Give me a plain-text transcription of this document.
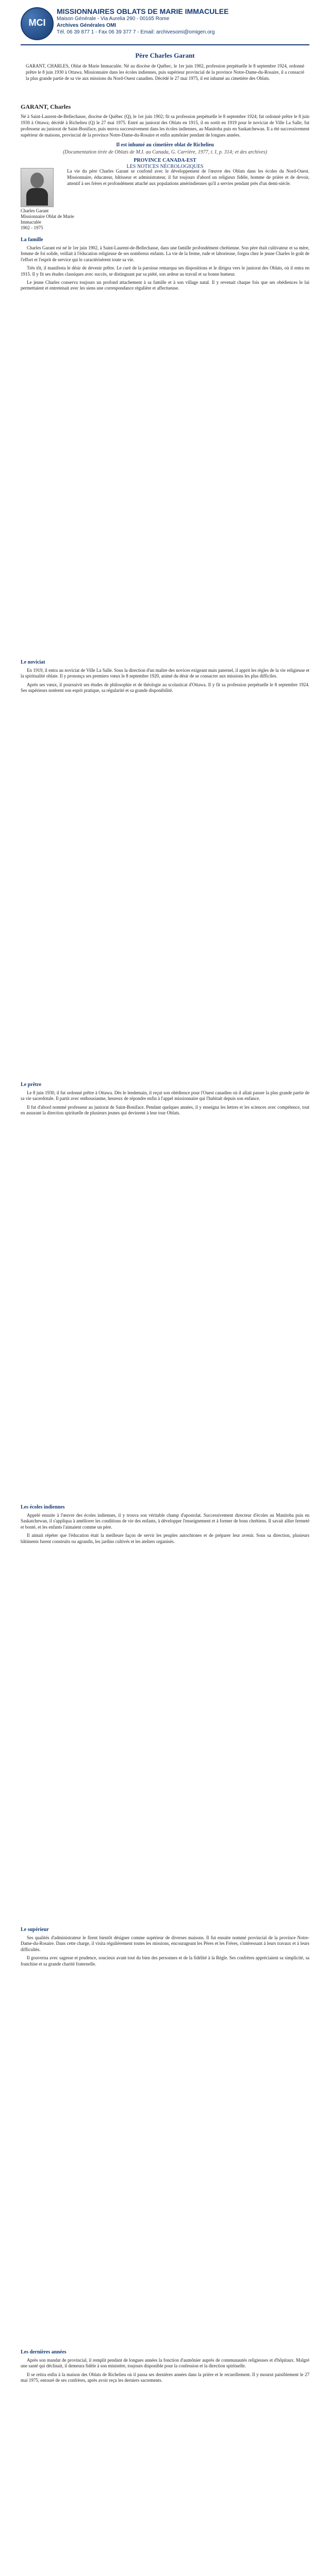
MCI
MISSIONNAIRES OBLATS DE MARIE IMMACULEE
Maison Générale - Via Aurelia 290 - 00165 Rome
Archives Générales OMI
Tél. 06 39 877 1 - Fax 06 39 377 7 - Email: archivesomi@omigen.org
Père Charles Garant
GARANT, CHARLES, Oblat de Marie Immaculée. Né au diocèse de Québec, le 1er juin 1902, profession perpétuelle le 8 septembre 1924, ordonné prêtre le 8 juin 1930 à Ottawa. Missionnaire dans les écoles indiennes, puis supérieur provincial de la province Notre-Dame-du-Rosaire, il a consacré la plus grande partie de sa vie aux missions du Nord-Ouest canadien. Décédé le 27 mai 1975, il est inhumé au cimetière des Oblats.
GARANT, Charles
Né à Saint-Laurent-de-Bellechasse, diocèse de Québec (Q), le 1er juin 1902; fit sa profession perpétuelle le 8 septembre 1924; fut ordonné prêtre le 8 juin 1930 à Ottawa; décédé à Richelieu (Q) le 27 mai 1975. Entré au juniorat des Oblats en 1915, il en sortit en 1919 pour le noviciat de Ville La Salle, fut professeur au juniorat de Saint-Boniface, puis œuvra successivement dans les écoles indiennes, au Manitoba puis en Saskatchewan. Il a été successivement supérieur de maisons, provincial de la province Notre-Dame-du-Rosaire et enfin aumônier pendant de longues années.
Il est inhumé au cimetière oblat de Richelieu
(Documentation tirée de Oblats de M.I. au Canada, G. Carrière, 1977, t. I, p. 314; et des archives)
PROVINCE CANADA-EST
LES NOTICES NÉCROLOGIQUES
Charles Garant
Missionnaire Oblat de Marie Immaculée
1902 - 1975
La vie du père Charles Garant se confond avec le développement de l'œuvre des Oblats dans les écoles du Nord-Ouest. Missionnaire, éducateur, bâtisseur et administrateur, il fut toujours d'abord un religieux fidèle, homme de prière et de devoir, attentif à ses frères et profondément attaché aux populations amérindiennes qu'il a servies pendant près d'un demi-siècle.
La famille

Charles Garant est né le 1er juin 1902, à Saint-Laurent-de-Bellechasse, dans une famille profondément chrétienne. Son père était cultivateur et sa mère, femme de foi solide, veillait à l'éducation religieuse de ses nombreux enfants. La vie de la ferme, rude et laborieuse, forgea chez le jeune Charles le goût de l'effort et l'esprit de service qui le caractérisèrent toute sa vie.

Très tôt, il manifesta le désir de devenir prêtre. Le curé de la paroisse remarqua ses dispositions et le dirigea vers le juniorat des Oblats, où il entra en 1915. Il y fit ses études classiques avec succès, se distinguant par sa piété, son ardeur au travail et sa bonne humeur.

Le jeune Charles conserva toujours un profond attachement à sa famille et à son village natal. Il y revenait chaque fois que ses obédiences le lui permettaient et entretenait avec les siens une correspondance régulière et affectueuse.

Le noviciat

En 1919, il entra au noviciat de Ville La Salle. Sous la direction d'un maître des novices exigeant mais paternel, il apprit les règles de la vie religieuse et la spiritualité oblate. Il y prononça ses premiers vœux le 8 septembre 1920, animé du désir de se consacrer aux missions les plus difficiles.

Après ses vœux, il poursuivit ses études de philosophie et de théologie au scolasticat d'Ottawa. Il y fit sa profession perpétuelle le 8 septembre 1924. Ses supérieurs notèrent son esprit pratique, sa régularité et sa grande disponibilité.

Le prêtre

Le 8 juin 1930, il fut ordonné prêtre à Ottawa. Dès le lendemain, il reçut son obédience pour l'Ouest canadien où il allait passer la plus grande partie de sa vie sacerdotale. Il partit avec enthousiasme, heureux de répondre enfin à l'appel missionnaire qui l'habitait depuis son enfance.

Il fut d'abord nommé professeur au juniorat de Saint-Boniface. Pendant quelques années, il y enseigna les lettres et les sciences avec compétence, tout en assurant la direction spirituelle de plusieurs jeunes qui devinrent à leur tour Oblats.

Les écoles indiennes

Appelé ensuite à l'œuvre des écoles indiennes, il y trouva son véritable champ d'apostolat. Successivement directeur d'écoles au Manitoba puis en Saskatchewan, il s'appliqua à améliorer les conditions de vie des enfants, à développer l'enseignement et à former de bons chrétiens. Il savait allier fermeté et bonté, et les enfants l'aimaient comme un père.

Il aimait répéter que l'éducation était la meilleure façon de servir les peuples autochtones et de préparer leur avenir. Sous sa direction, plusieurs bâtiments furent construits ou agrandis, les jardins cultivés et les ateliers organisés.

Le supérieur

Ses qualités d'administrateur le firent bientôt désigner comme supérieur de diverses maisons. Il fut ensuite nommé provincial de la province Notre-Dame-du-Rosaire. Dans cette charge, il visita régulièrement toutes les missions, encourageant les Pères et les Frères, s'intéressant à leurs travaux et à leurs difficultés.

Il gouverna avec sagesse et prudence, soucieux avant tout du bien des personnes et de la fidélité à la Règle. Ses confrères appréciaient sa simplicité, sa franchise et sa grande charité fraternelle.

Les dernières années

Après son mandat de provincial, il remplit pendant de longues années la fonction d'aumônier auprès de communautés religieuses et d'hôpitaux. Malgré une santé qui déclinait, il demeura fidèle à son ministère, toujours disponible pour la confession et la direction spirituelle.

Il se retira enfin à la maison des Oblats de Richelieu où il passa ses dernières années dans la prière et le recueillement. Il y mourut paisiblement le 27 mai 1975, entouré de ses confrères, après avoir reçu les derniers sacrements.
